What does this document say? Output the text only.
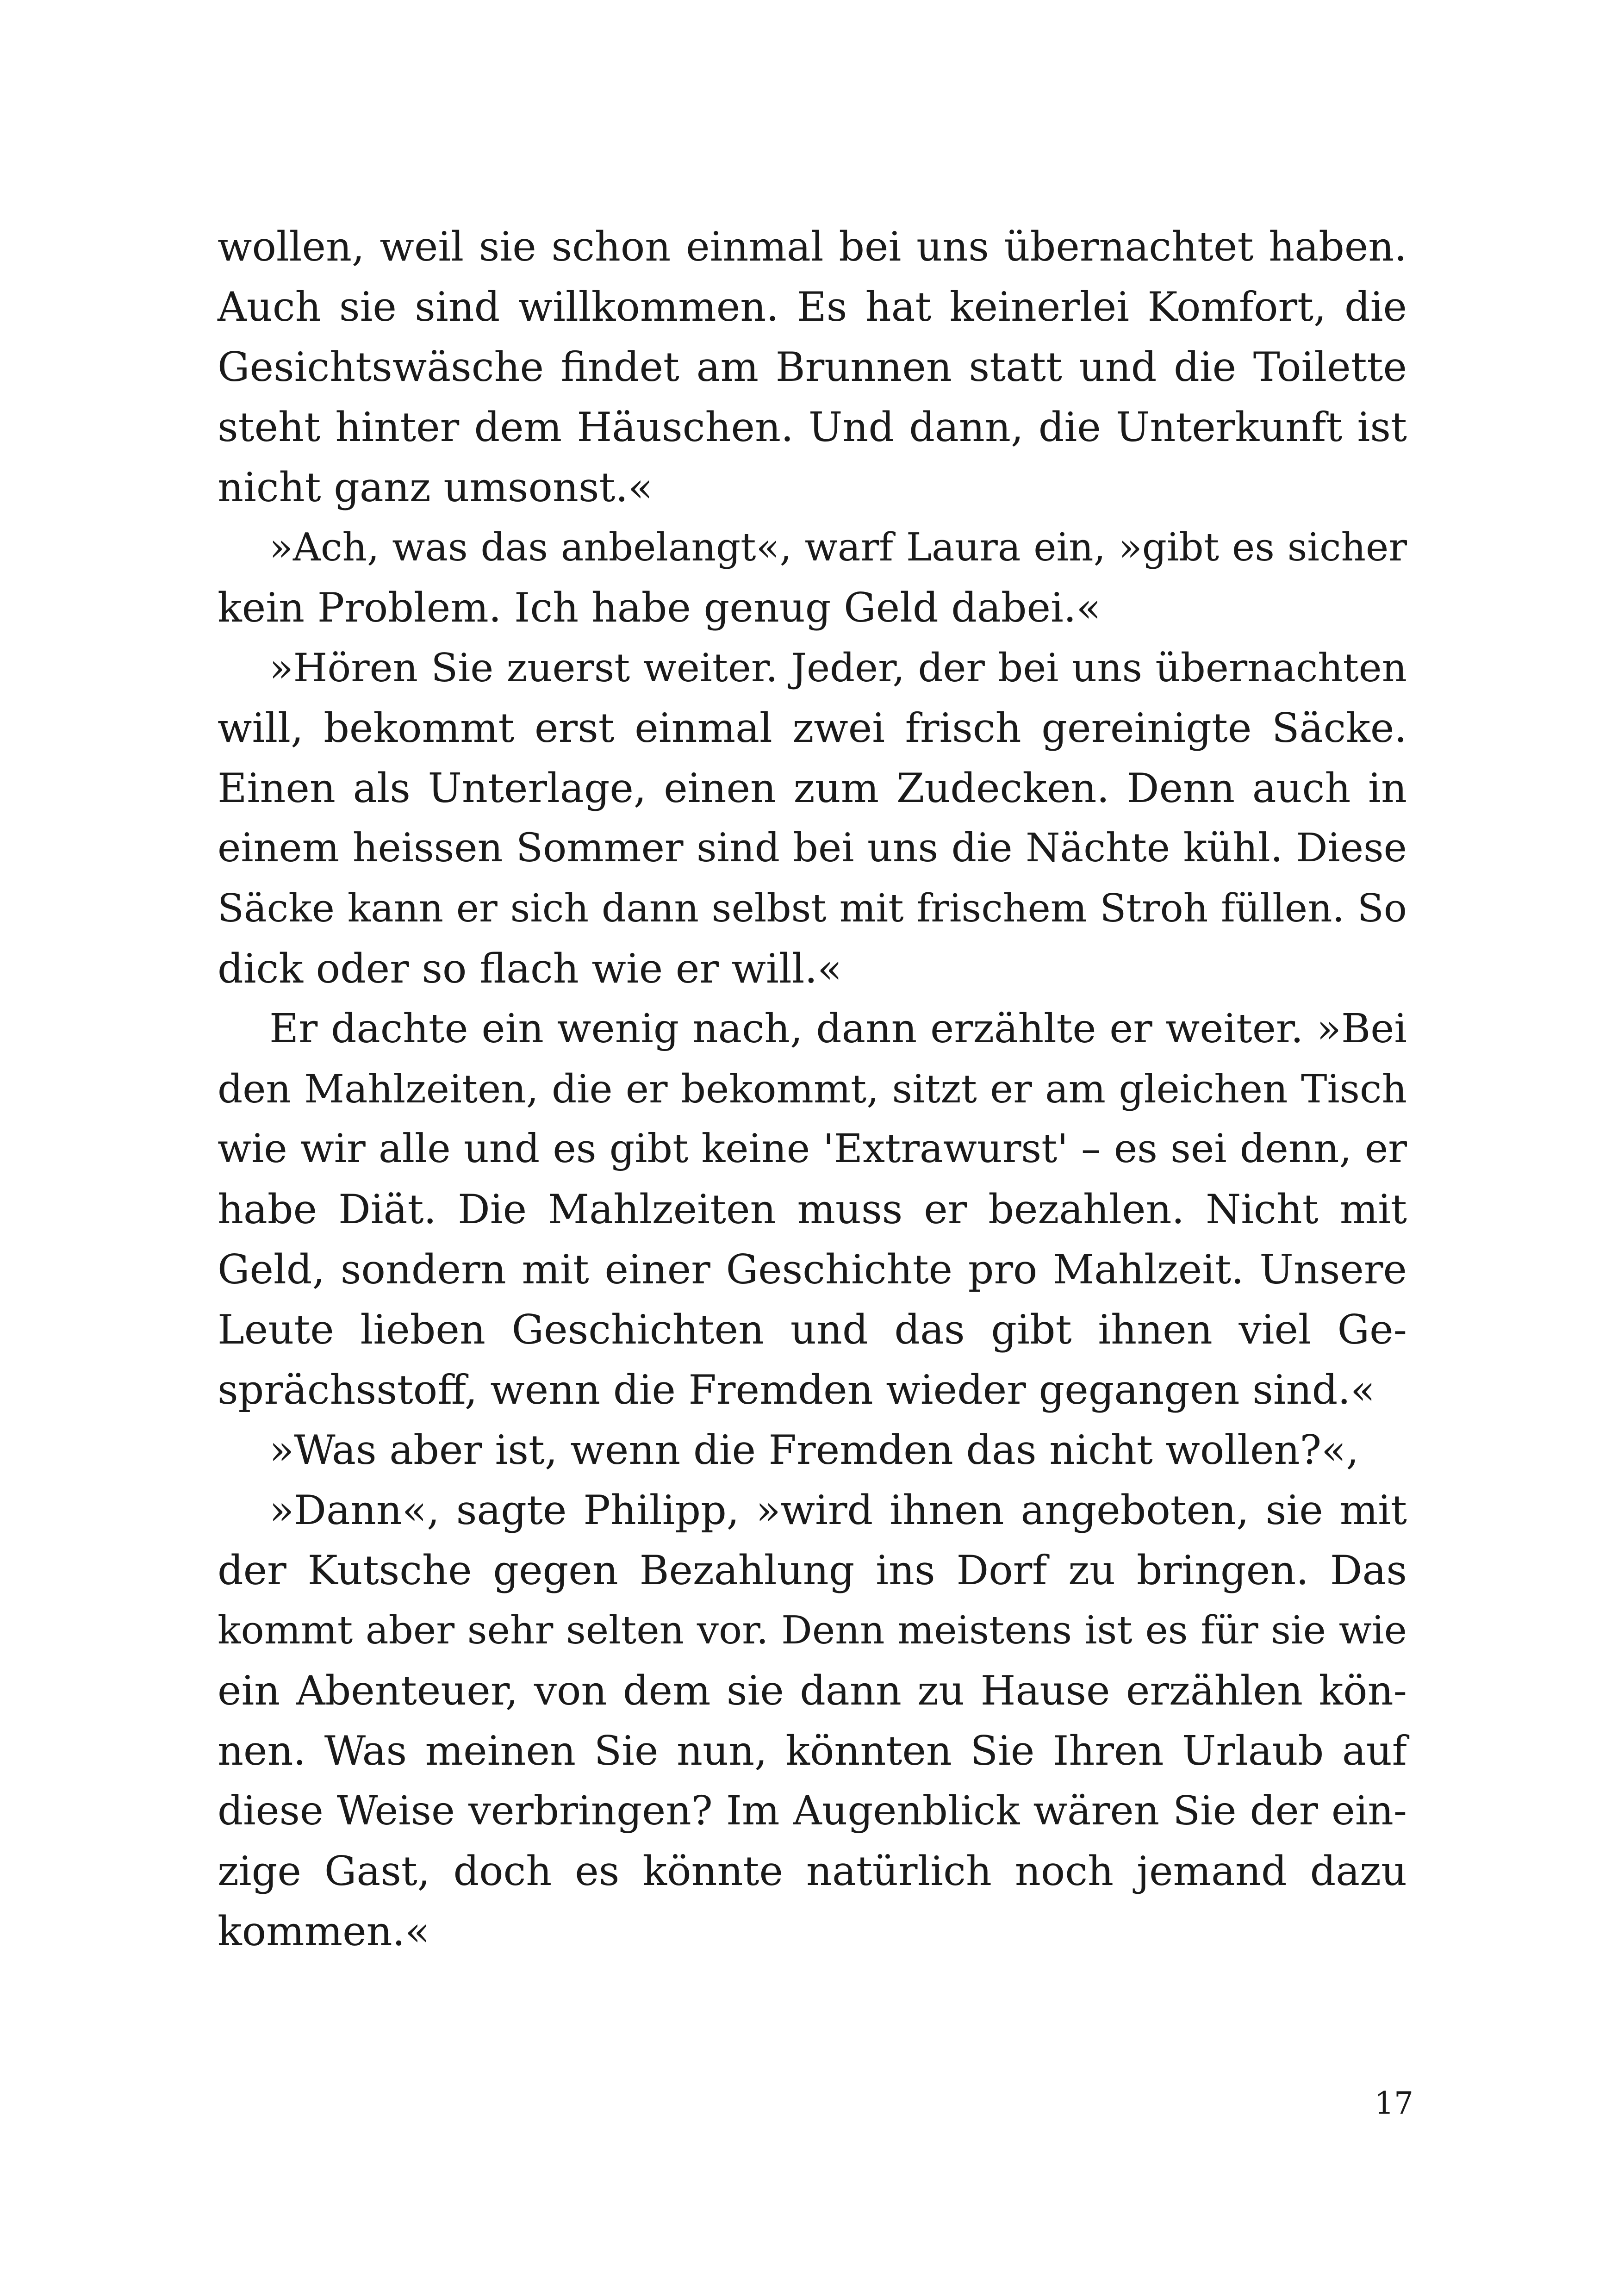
wollen, weil sie schon einmal bei uns übernachtet haben.
Auch sie sind willkommen. Es hat keinerlei Komfort, die
Gesichtswäsche findet am Brunnen statt und die Toilette
steht hinter dem Häuschen. Und dann, die Unterkunft ist
nicht ganz umsonst.«
»Ach, was das anbelangt«, warf Laura ein, »gibt es sicher
kein Problem. Ich habe genug Geld dabei.«
»Hören Sie zuerst weiter. Jeder, der bei uns übernachten
will, bekommt erst einmal zwei frisch gereinigte Säcke.
Einen als Unterlage, einen zum Zudecken. Denn auch in
einem heissen Sommer sind bei uns die Nächte kühl. Diese
Säcke kann er sich dann selbst mit frischem Stroh füllen. So
dick oder so flach wie er will.«
Er dachte ein wenig nach, dann erzählte er weiter. »Bei
den Mahlzeiten, die er bekommt, sitzt er am gleichen Tisch
wie wir alle und es gibt keine 'Extrawurst' – es sei denn, er
habe Diät. Die Mahlzeiten muss er bezahlen. Nicht mit
Geld, sondern mit einer Geschichte pro Mahlzeit. Unsere
Leute lieben Geschichten und das gibt ihnen viel Ge-
sprächsstoff, wenn die Fremden wieder gegangen sind.«
»Was aber ist, wenn die Fremden das nicht wollen?«,
»Dann«, sagte Philipp, »wird ihnen angeboten, sie mit
der Kutsche gegen Bezahlung ins Dorf zu bringen. Das
kommt aber sehr selten vor. Denn meistens ist es für sie wie
ein Abenteuer, von dem sie dann zu Hause erzählen kön-
nen. Was meinen Sie nun, könnten Sie Ihren Urlaub auf
diese Weise verbringen? Im Augenblick wären Sie der ein-
zige Gast, doch es könnte natürlich noch jemand dazu
kommen.«
17
